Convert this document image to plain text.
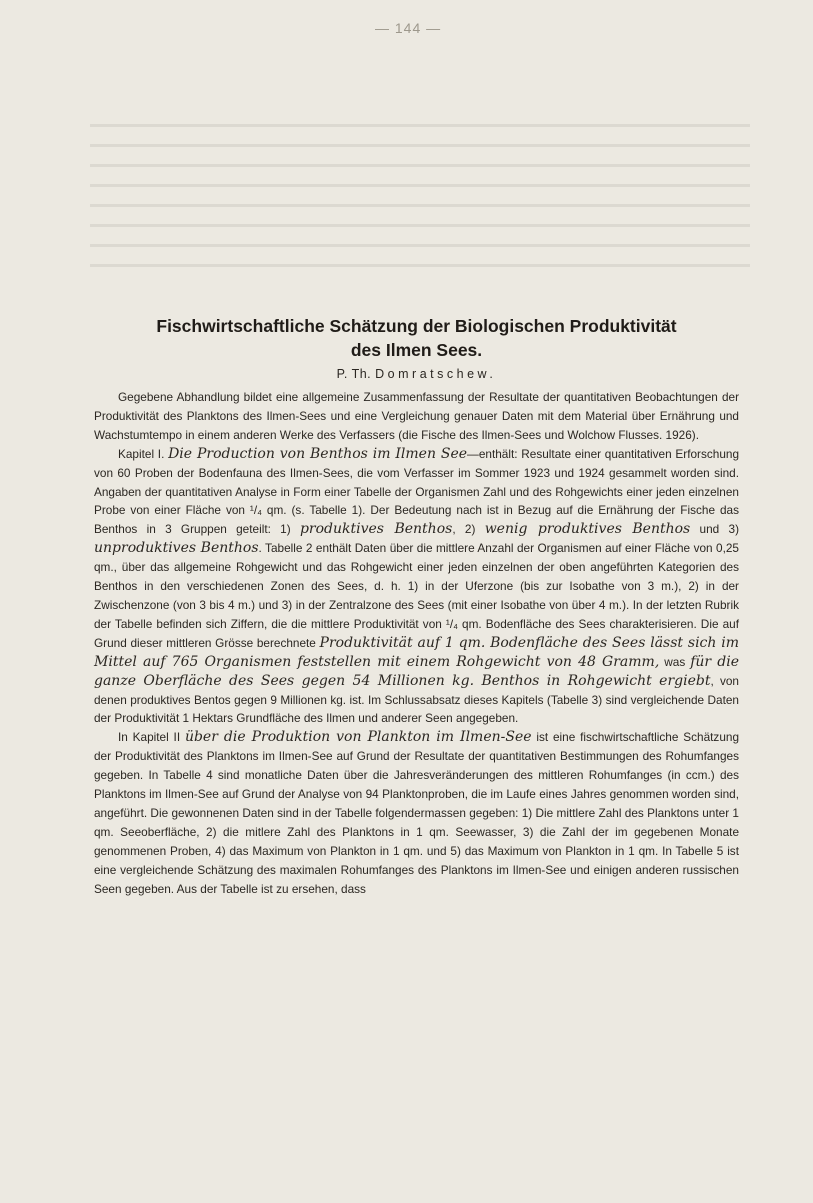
— 144 —
Fischwirtschaftliche Schätzung der Biologischen Produktivität
des Ilmen Sees.
P. Th. Domratschew.

Gegebene Abhandlung bildet eine allgemeine Zusammenfassung der Resultate der quantitativen Beobachtungen der Produktivität des Planktons des Ilmen-Sees und eine Vergleichung genauer Daten mit dem Material über Ernährung und Wachstumtempo in einem anderen Werke des Verfassers (die Fische des Ilmen-Sees und Wolchow Flusses. 1926).

Kapitel I. Die Production von Benthos im Ilmen See—enthält: Resultate einer quantitativen Erforschung von 60 Proben der Bodenfauna des Ilmen-Sees, die vom Verfasser im Sommer 1923 und 1924 gesammelt worden sind. Angaben der quantitativen Analyse in Form einer Tabelle der Organismen Zahl und des Rohgewichts einer jeden einzelnen Probe von einer Fläche von ¹/₄ qm. (s. Tabelle 1). Der Bedeutung nach ist in Bezug auf die Ernährung der Fische das Benthos in 3 Gruppen geteilt: 1) produktives Benthos, 2) wenig produktives Benthos und 3) unproduktives Benthos. Tabelle 2 enthält Daten über die mittlere Anzahl der Organismen auf einer Fläche von 0,25 qm., über das allgemeine Rohgewicht und das Rohgewicht einer jeden einzelnen der oben angeführten Kategorien des Benthos in den verschiedenen Zonen des Sees, d. h. 1) in der Uferzone (bis zur Isobathe von 3 m.), 2) in der Zwischenzone (von 3 bis 4 m.) und 3) in der Zentralzone des Sees (mit einer Isobathe von über 4 m.). In der letzten Rubrik der Tabelle befinden sich Ziffern, die die mittlere Produktivität von ¹/₄ qm. Bodenfläche des Sees charakterisieren. Die auf Grund dieser mittleren Grösse berechnete Produktivität auf 1 qm. Bodenfläche des Sees lässt sich im Mittel auf 765 Organismen feststellen mit einem Rohgewicht von 48 Gramm, was für die ganze Oberfläche des Sees gegen 54 Millionen kg. Benthos in Rohgewicht ergiebt, von denen produktives Bentos gegen 9 Millionen kg. ist. Im Schlussabsatz dieses Kapitels (Tabelle 3) sind vergleichende Daten der Produktivität 1 Hektars Grundfläche des Ilmen und anderer Seen angegeben.

In Kapitel II über die Produktion von Plankton im Ilmen-See ist eine fischwirtschaftliche Schätzung der Produktivität des Planktons im Ilmen-See auf Grund der Resultate der quantitativen Bestimmungen des Rohumfanges gegeben. In Tabelle 4 sind monatliche Daten über die Jahresveränderungen des mittleren Rohumfanges (in ccm.) des Planktons im Ilmen-See auf Grund der Analyse von 94 Planktonproben, die im Laufe eines Jahres genommen worden sind, angeführt. Die gewonnenen Daten sind in der Tabelle folgendermassen gegeben: 1) Die mittlere Zahl des Planktons unter 1 qm. Seeoberfläche, 2) die mitlere Zahl des Planktons in 1 qm. Seewasser, 3) die Zahl der im gegebenen Monate genommenen Proben, 4) das Maximum von Plankton in 1 qm. und 5) das Maximum von Plankton in 1 qm. In Tabelle 5 ist eine vergleichende Schätzung des maximalen Rohumfanges des Planktons im Ilmen-See und einigen anderen russischen Seen gegeben. Aus der Tabelle ist zu ersehen, dass
